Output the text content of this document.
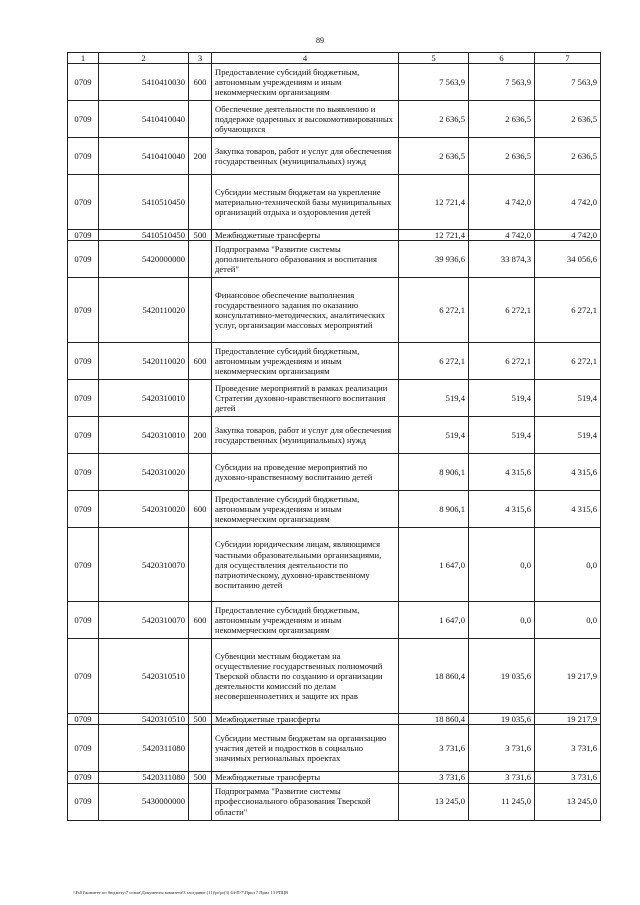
89
1	2	3	4	5	6	7
0709	5410410030	600	Предоставление субсидий бюджетным, автономным учреждениям и иным некоммерческим организациям	7 563,9	7 563,9	7 563,9
0709	5410410040		Обеспечение деятельности по выявлению и поддержке одаренных и высокомотивированных обучающихся	2 636,5	2 636,5	2 636,5
0709	5410410040	200	Закупка товаров, работ и услуг для обеспечения государственных (муниципальных) нужд	2 636,5	2 636,5	2 636,5
0709	5410510450		Субсидии местным бюджетам на укрепление материально-технической базы муниципальных организаций отдыха и оздоровления детей	12 721,4	4 742,0	4 742,0
0709	5410510450	500	Межбюджетные трансферты	12 721,4	4 742,0	4 742,0
0709	5420000000		Подпрограмма "Развитие системы дополнительного образования и воспитания детей"	39 936,6	33 874,3	34 056,6
0709	5420110020		Финансовое обеспечение выполнения государственного задания по оказанию консультативно-методических, аналитических услуг, организации массовых мероприятий	6 272,1	6 272,1	6 272,1
0709	5420110020	600	Предоставление субсидий бюджетным, автономным учреждениям и иным некоммерческим организациям	6 272,1	6 272,1	6 272,1
0709	5420310010		Проведение мероприятий в рамках реализации Стратегии духовно-нравственного воспитания детей	519,4	519,4	519,4
0709	5420310010	200	Закупка товаров, работ и услуг для обеспечения государственных (муниципальных) нужд	519,4	519,4	519,4
0709	5420310020		Субсидии на проведение мероприятий по духовно-нравственному воспитанию детей	8 906,1	4 315,6	4 315,6
0709	5420310020	600	Предоставление субсидий бюджетным, автономным учреждениям и иным некоммерческим организациям	8 906,1	4 315,6	4 315,6
0709	5420310070		Субсидии юридическим лицам, являющимся частными образовательными организациями, для осуществления деятельности по патриотическому, духовно-нравственному воспитанию детей	1 647,0	0,0	0,0
0709	5420310070	600	Предоставление субсидий бюджетным, автономным учреждениям и иным некоммерческим организациям	1 647,0	0,0	0,0
0709	5420310510		Субвенции местным бюджетам на осуществление государственных полномочий Тверской области по созданию и организации деятельности комиссий по делам несовершеннолетних и защите их прав	18 860,4	19 035,6	19 217,9
0709	5420310510	500	Межбюджетные трансферты	18 860,4	19 035,6	19 217,9
0709	5420311080		Субсидии местным бюджетам на организацию участия детей и подростков в социально значимых региональных проектах	3 731,6	3 731,6	3 731,6
0709	5420311080	500	Межбюджетные трансферты	3 731,6	3 731,6	3 731,6
0709	5430000000		Подпрограмма "Развитие системы профессионального образования Тверской области"	13 245,0	11 245,0	13 245,0
\\Fs01\комитет по бюджету\7 созыв\Документы комитета\3 заседание (11)\pr\pr(3) 44-П-7\Прил 7 Прил 13 РПЦВ
